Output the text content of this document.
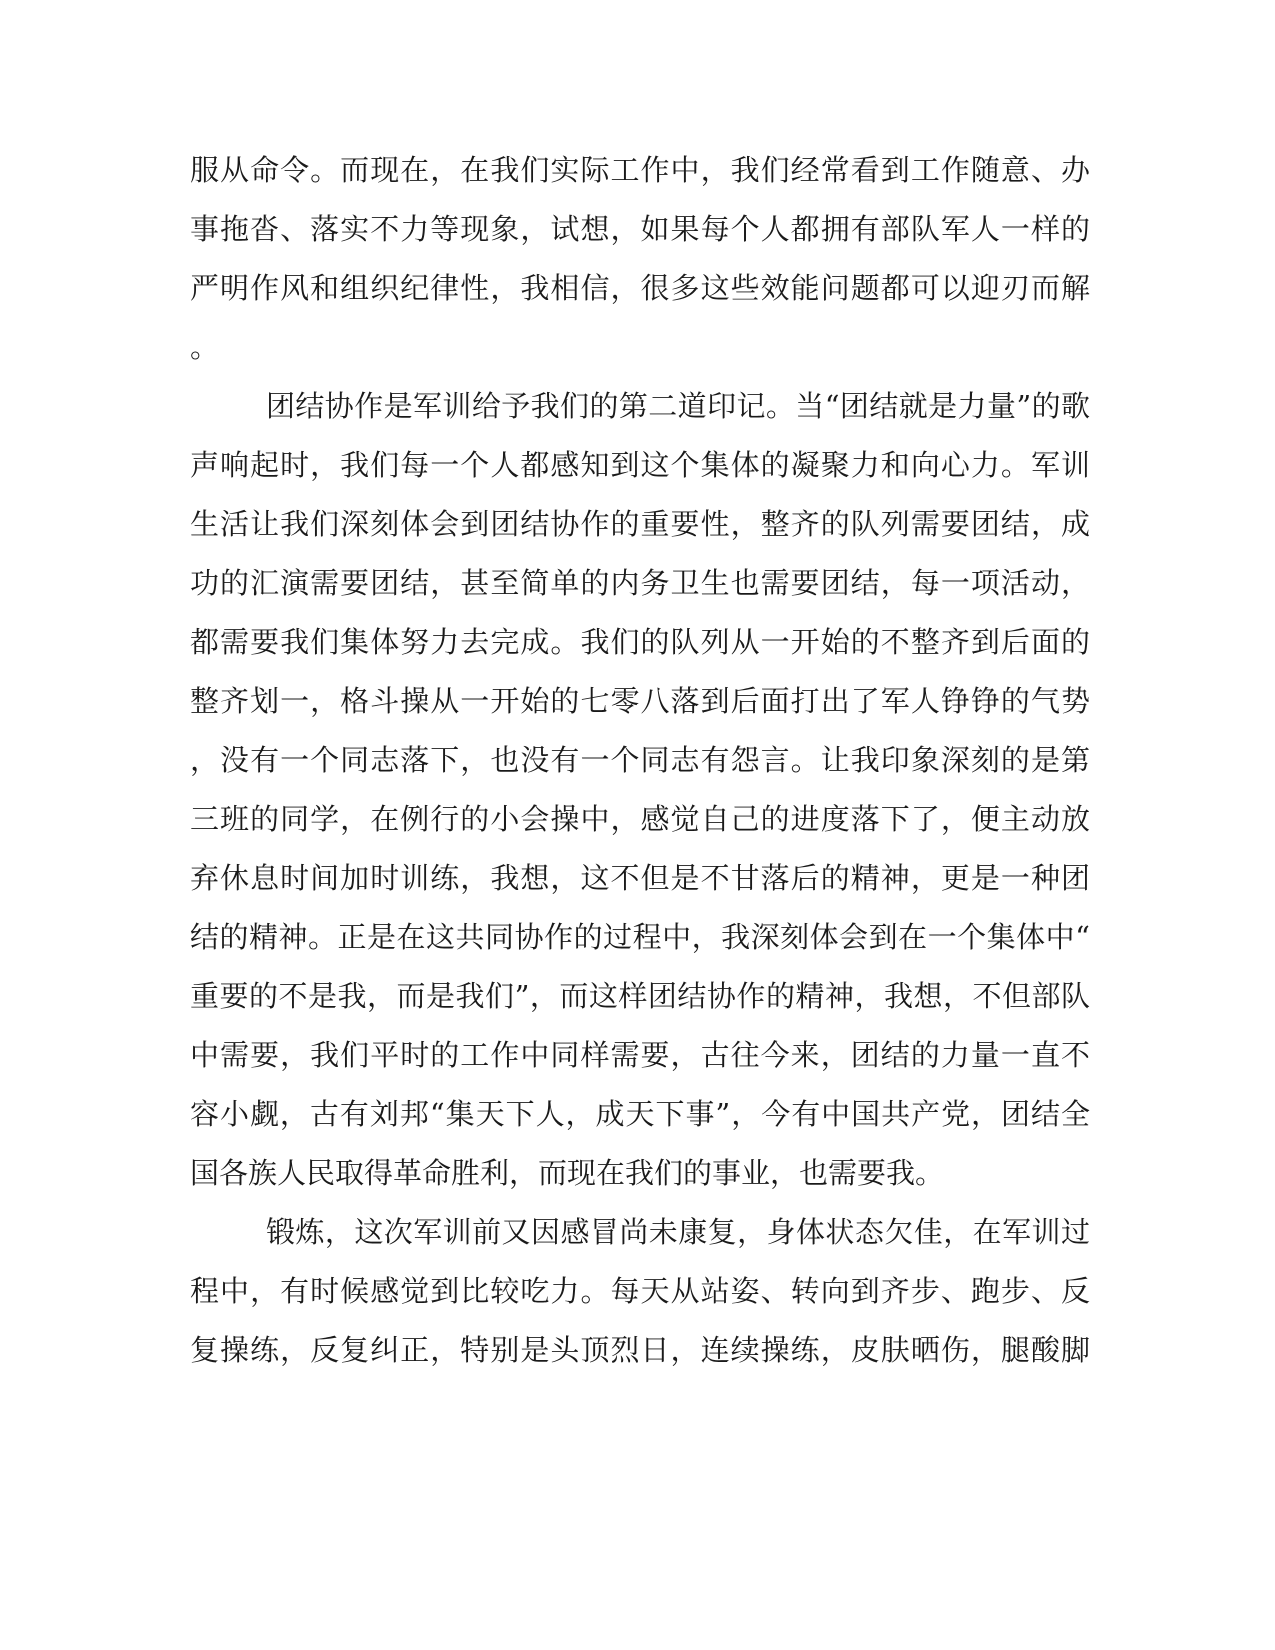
服从命令。而现在，在我们实际工作中，我们经常看到工作随意、办
事拖沓、落实不力等现象，试想，如果每个人都拥有部队军人一样的
严明作风和组织纪律性，我相信，很多这些效能问题都可以迎刃而解
。
团结协作是军训给予我们的第二道印记。当“团结就是力量”的歌
声响起时，我们每一个人都感知到这个集体的凝聚力和向心力。军训
生活让我们深刻体会到团结协作的重要性，整齐的队列需要团结，成
功的汇演需要团结，甚至简单的内务卫生也需要团结，每一项活动，
都需要我们集体努力去完成。我们的队列从一开始的不整齐到后面的
整齐划一，格斗操从一开始的七零八落到后面打出了军人铮铮的气势
，没有一个同志落下，也没有一个同志有怨言。让我印象深刻的是第
三班的同学，在例行的小会操中，感觉自己的进度落下了，便主动放
弃休息时间加时训练，我想，这不但是不甘落后的精神，更是一种团
结的精神。正是在这共同协作的过程中，我深刻体会到在一个集体中“
重要的不是我，而是我们”，而这样团结协作的精神，我想，不但部队
中需要，我们平时的工作中同样需要，古往今来，团结的力量一直不
容小觑，古有刘邦“集天下人，成天下事”，今有中国共产党，团结全
国各族人民取得革命胜利，而现在我们的事业，也需要我。
锻炼，这次军训前又因感冒尚未康复，身体状态欠佳，在军训过
程中，有时候感觉到比较吃力。每天从站姿、转向到齐步、跑步、反
复操练，反复纠正，特别是头顶烈日，连续操练，皮肤晒伤，腿酸脚
